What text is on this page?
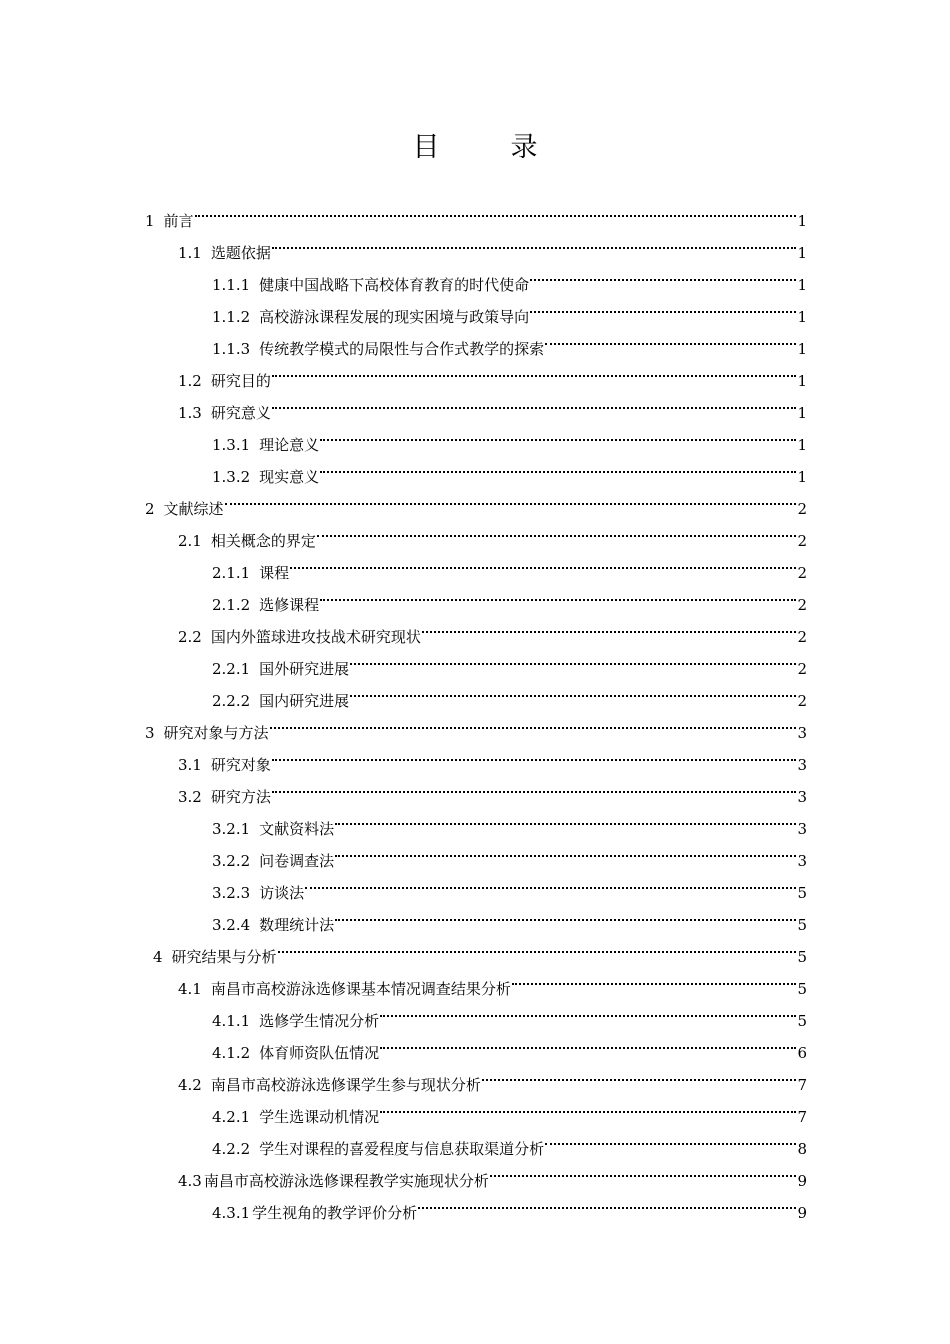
目　录
1 前言	1
1.1 选题依据	1
1.1.1 健康中国战略下高校体育教育的时代使命	1
1.1.2 高校游泳课程发展的现实困境与政策导向	1
1.1.3 传统教学模式的局限性与合作式教学的探索	1
1.2 研究目的	1
1.3 研究意义	1
1.3.1 理论意义	1
1.3.2 现实意义	1
2 文献综述	2
2.1 相关概念的界定	2
2.1.1 课程	2
2.1.2 选修课程	2
2.2 国内外篮球进攻技战术研究现状	2
2.2.1 国外研究进展	2
2.2.2 国内研究进展	2
3 研究对象与方法	3
3.1 研究对象	3
3.2 研究方法	3
3.2.1 文献资料法	3
3.2.2 问卷调查法	3
3.2.3 访谈法	5
3.2.4 数理统计法	5
4 研究结果与分析	5
4.1 南昌市高校游泳选修课基本情况调查结果分析	5
4.1.1 选修学生情况分析	5
4.1.2 体育师资队伍情况	6
4.2 南昌市高校游泳选修课学生参与现状分析	7
4.2.1 学生选课动机情况	7
4.2.2 学生对课程的喜爱程度与信息获取渠道分析	8
4.3 南昌市高校游泳选修课程教学实施现状分析	9
4.3.1 学生视角的教学评价分析	9
